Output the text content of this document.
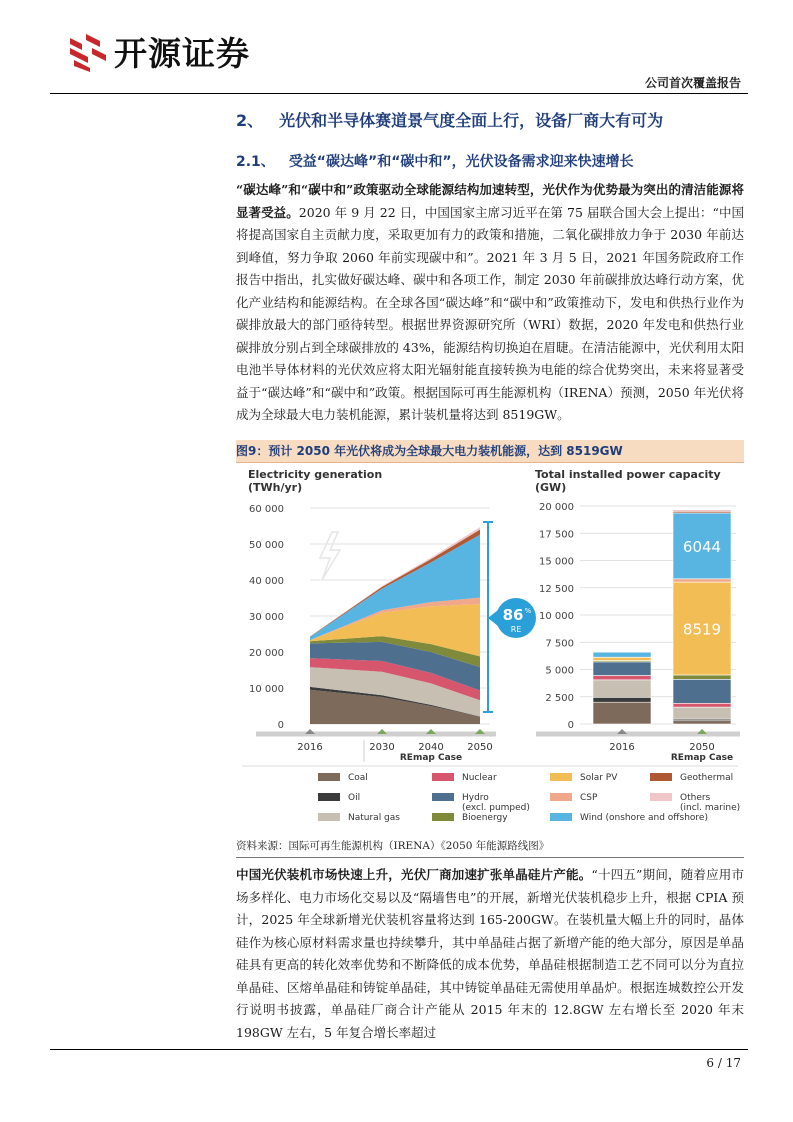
开源证券
公司首次覆盖报告
2、 光伏和半导体赛道景气度全面上行，设备厂商大有可为
2.1、 受益“碳达峰”和“碳中和”，光伏设备需求迎来快速增长
“碳达峰”和“碳中和”政策驱动全球能源结构加速转型，光伏作为优势最为突出的清洁能源将显著受益。2020 年 9 月 22 日，中国国家主席习近平在第 75 届联合国大会上提出：“中国将提高国家自主贡献力度，采取更加有力的政策和措施，二氧化碳排放力争于 2030 年前达到峰值，努力争取 2060 年前实现碳中和”。2021 年 3 月 5 日，2021 年国务院政府工作报告中指出，扎实做好碳达峰、碳中和各项工作，制定 2030 年前碳排放达峰行动方案，优化产业结构和能源结构。在全球各国“碳达峰”和“碳中和”政策推动下，发电和供热行业作为碳排放最大的部门亟待转型。根据世界资源研究所（WRI）数据，2020 年发电和供热行业碳排放分别占到全球碳排放的 43%，能源结构切换迫在眉睫。在清洁能源中，光伏利用太阳电池半导体材料的光伏效应将太阳光辐射能直接转换为电能的综合优势突出，未来将显著受益于“碳达峰”和“碳中和”政策。根据国际可再生能源机构（IRENA）预测，2050 年光伏将成为全球最大电力装机能源，累计装机量将达到 8519GW。
图9：预计 2050 年光伏将成为全球最大电力装机能源，达到 8519GW
Electricity generation
(TWh/yr)
Total installed power capacity
(GW)
60 000
50 000
40 000
30 000
20 000
10 000
0
86 %
RE
2016	2030 2040 2050
REmap Case
20 000
17 500
15 000
12 500
10 000
7 500
5 000
2 500
0
8519
6044
2016	2050
REmap Case
Coal	Nuclear	Solar PV	Geothermal
Oil	Hydro
(excl. pumped)
CSP	Others
(incl. marine)
Natural gas	Bioenergy	Wind (onshore and offshore)
资料来源：国际可再生能源机构（IRENA）《2050 年能源路线图》
中国光伏装机市场快速上升，光伏厂商加速扩张单晶硅片产能。“十四五”期间，随着应用市场多样化、电力市场化交易以及“隔墙售电”的开展，新增光伏装机稳步上升，根据 CPIA 预计，2025 年全球新增光伏装机容量将达到 165-200GW。在装机量大幅上升的同时，晶体硅作为核心原材料需求量也持续攀升，其中单晶硅占据了新增产能的绝大部分，原因是单晶硅具有更高的转化效率优势和不断降低的成本优势，单晶硅根据制造工艺不同可以分为直拉单晶硅、区熔单晶硅和铸锭单晶硅，其中铸锭单晶硅无需使用单晶炉。根据连城数控公开发行说明书披露，单晶硅厂商合计产能从 2015 年末的 12.8GW 左右增长至 2020 年末 198GW 左右，5 年复合增长率超过
6 / 17
